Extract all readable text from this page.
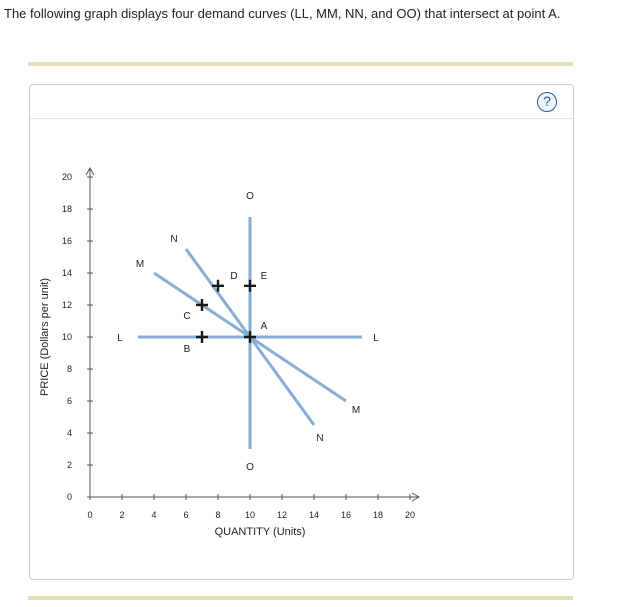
The following graph displays four demand curves (LL, MM, NN, and OO) that intersect at point A.
?
0	2	4	6	8	10 12 14 16 18 20
0
2
4
6
8
10
12
14
16
18
20
QUANTITY (Units)
PRICE (Dollars per unit)	L	L
M
M
N
N
O
O
A
B
C
D E
